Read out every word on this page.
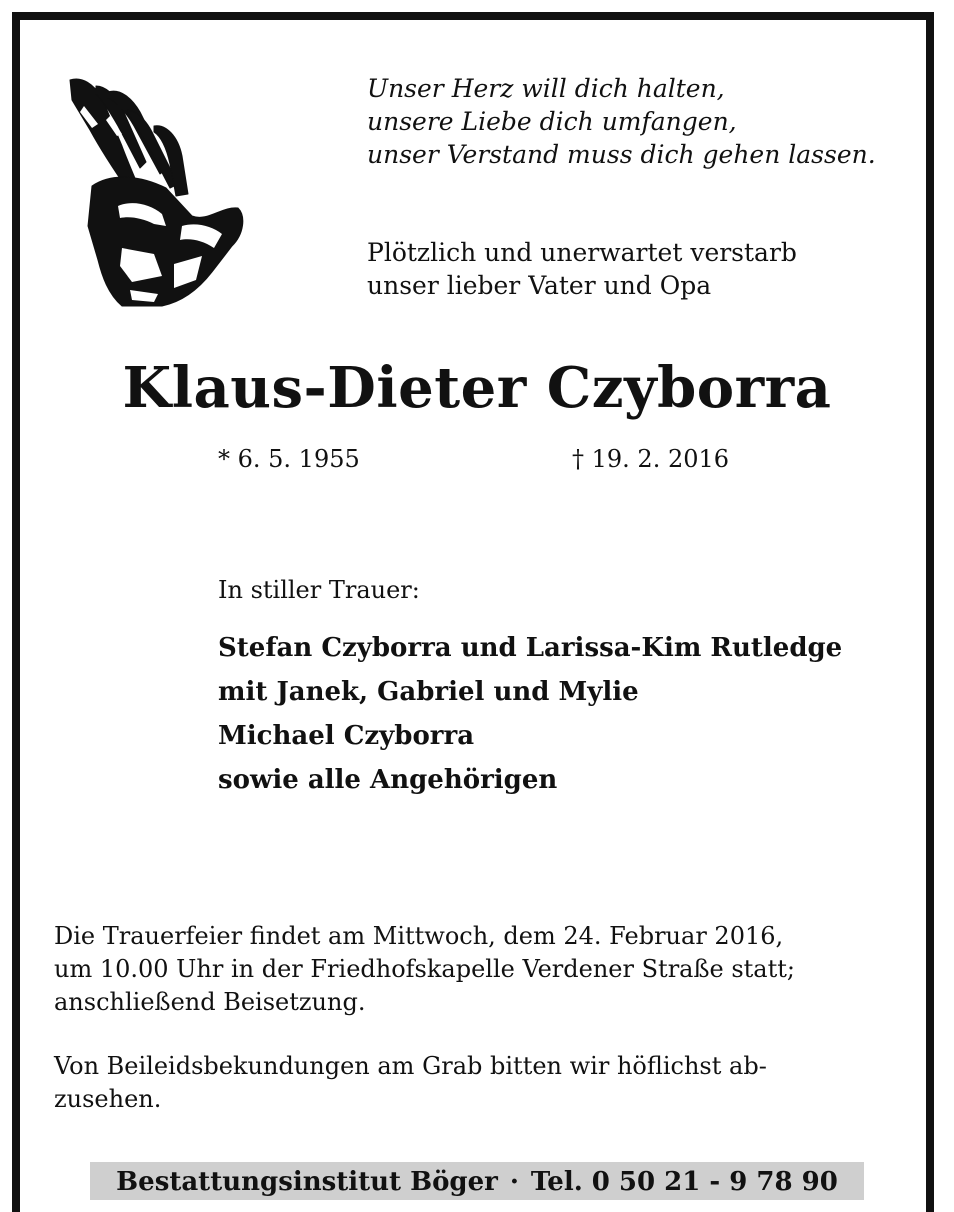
Unser Herz will dich halten,
unsere Liebe dich umfangen,
unser Verstand muss dich gehen lassen.
Plötzlich und unerwartet verstarb
unser lieber Vater und Opa
Klaus-Dieter Czyborra
* 6. 5. 1955	† 19. 2. 2016
In stiller Trauer:
Stefan Czyborra und Larissa-Kim Rutledge
mit Janek, Gabriel und Mylie
Michael Czyborra
sowie alle Angehörigen
Die Trauerfeier findet am Mittwoch, dem 24. Februar 2016,
um 10.00 Uhr in der Friedhofskapelle Verdener Straße statt;
anschließend Beisetzung.
Von Beileidsbekundungen am Grab bitten wir höflichst ab-
zusehen.
Bestattungsinstitut Böger · Tel. 0 50 21 - 9 78 90
